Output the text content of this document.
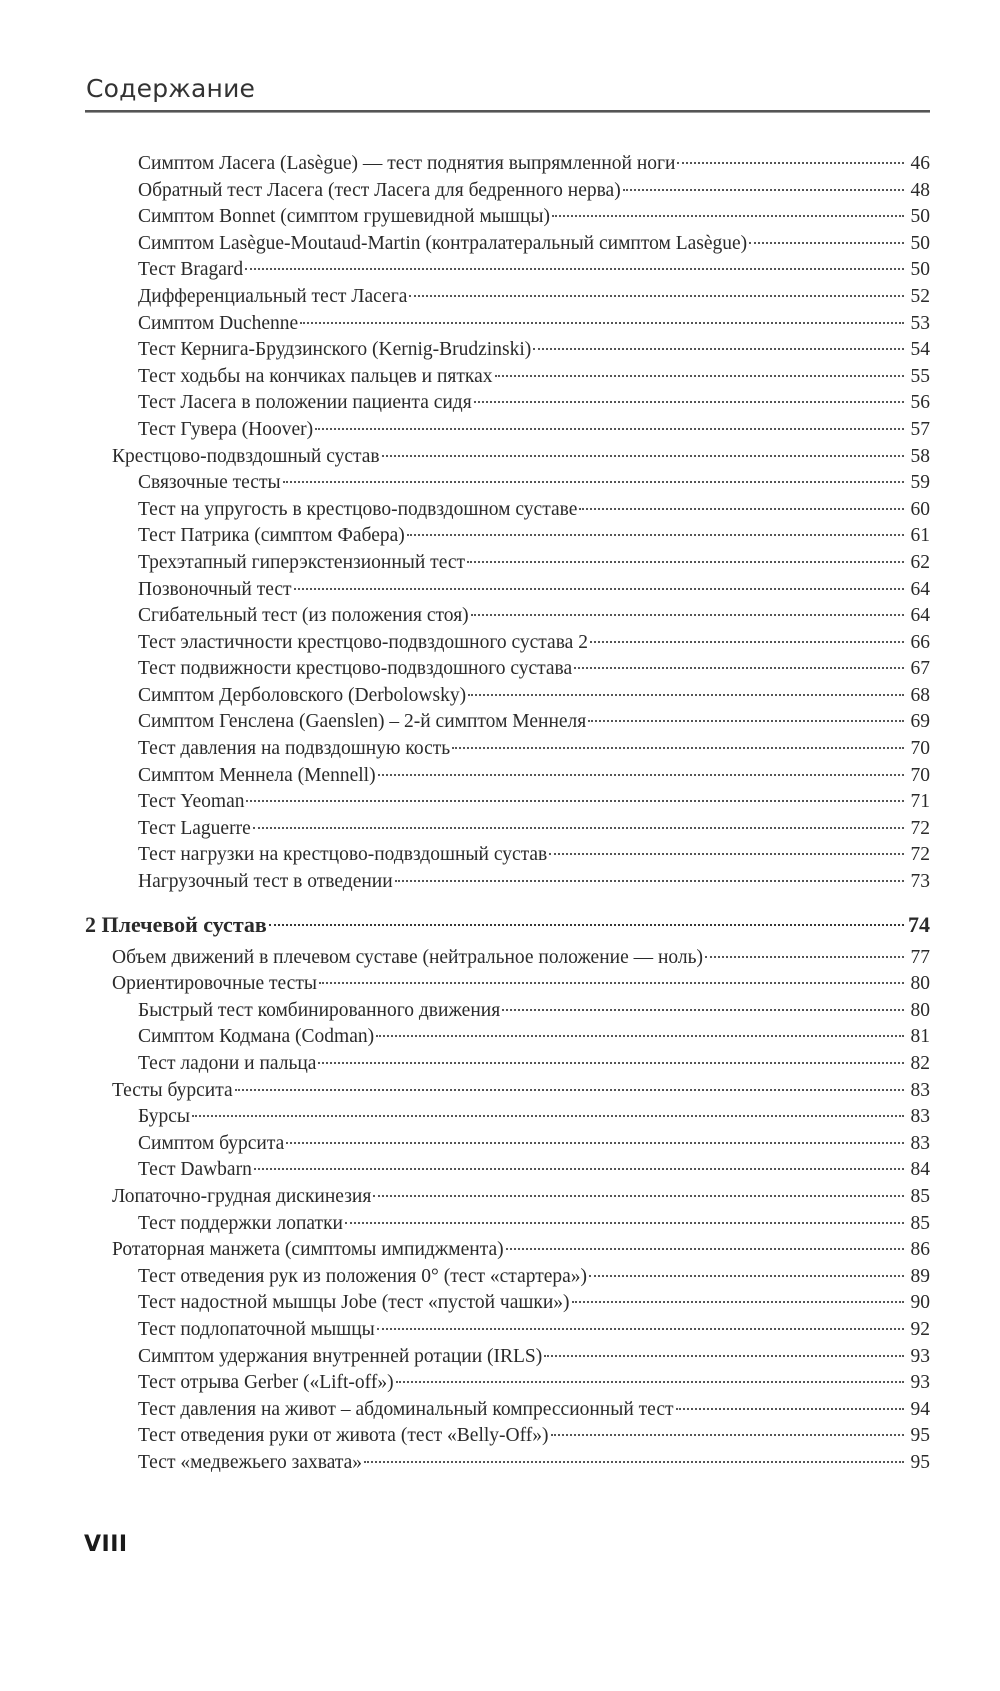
Содержание
Симптом Ласега (Lasègue) — тест поднятия выпрямленной ноги	46
Обратный тест Ласега (тест Ласега для бедренного нерва)	48
Симптом Bonnet (симптом грушевидной мышцы)	50
Симптом Lasègue-Moutaud-Martin (контралатеральный симптом Lasègue)	50
Тест Bragard	50
Дифференциальный тест Ласега	52
Симптом Duchenne	53
Тест Кернига-Брудзинского (Kernig-Brudzinski)	54
Тест ходьбы на кончиках пальцев и пятках	55
Тест Ласега в положении пациента сидя	56
Тест Гувера (Hoover)	57
Крестцово-подвздошный сустав	58
Связочные тесты	59
Тест на упругость в крестцово-подвздошном суставе	60
Тест Патрика (симптом Фабера)	61
Трехэтапный гиперэкстензионный тест	62
Позвоночный тест	64
Сгибательный тест (из положения стоя)	64
Тест эластичности крестцово-подвздошного сустава 2	66
Тест подвижности крестцово-подвздошного сустава	67
Симптом Дерболовского (Derbolowsky)	68
Симптом Генслена (Gaenslen) – 2-й симптом Меннеля	69
Тест давления на подвздошную кость	70
Симптом Меннела (Mennell)	70
Тест Yeoman	71
Тест Laguerre	72
Тест нагрузки на крестцово-подвздошный сустав	72
Нагрузочный тест в отведении	73
2 Плечевой сустав	74
Объем движений в плечевом суставе (нейтральное положение — ноль)	77
Ориентировочные тесты	80
Быстрый тест комбинированного движения	80
Симптом Кодмана (Codman)	81
Тест ладони и пальца	82
Тесты бурсита	83
Бурсы	83
Симптом бурсита	83
Тест Dawbarn	84
Лопаточно-грудная дискинезия	85
Тест поддержки лопатки	85
Ротаторная манжета (симптомы импиджмента)	86
Тест отведения рук из положения 0° (тест «стартера»)	89
Тест надостной мышцы Jobe (тест «пустой чашки»)	90
Тест подлопаточной мышцы	92
Симптом удержания внутренней ротации (IRLS)	93
Тест отрыва Gerber («Lift-off»)	93
Тест давления на живот – абдоминальный компрессионный тест	94
Тест отведения руки от живота (тест «Belly-Off»)	95
Тест «медвежьего захвата»	95
VIII
